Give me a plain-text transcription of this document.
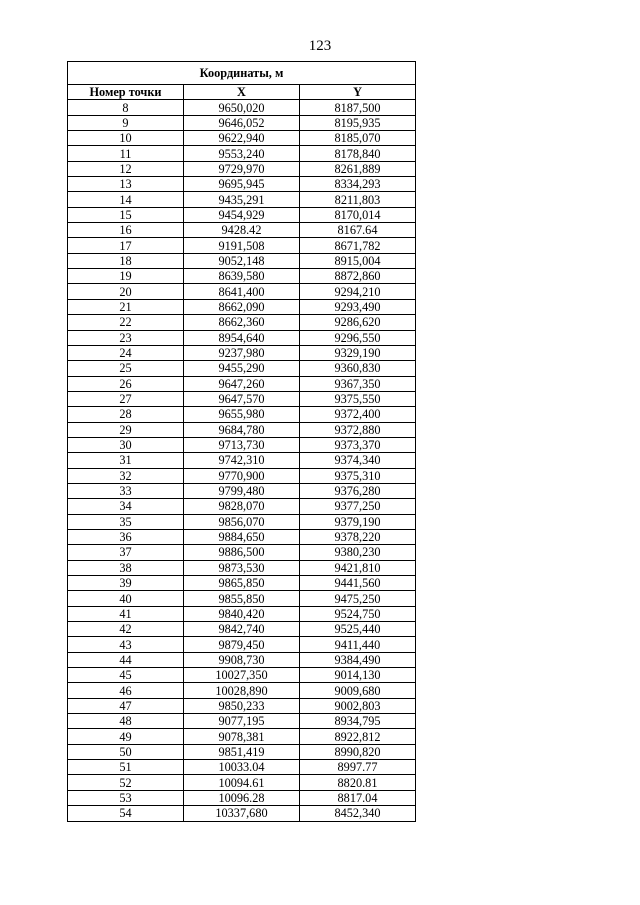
123
Координаты, м		
Номер точки	X	Y
8	9650,020	8187,500
9	9646,052	8195,935
10	9622,940	8185,070
11	9553,240	8178,840
12	9729,970	8261,889
13	9695,945	8334,293
14	9435,291	8211,803
15	9454,929	8170,014
16	9428.42	8167.64
17	9191,508	8671,782
18	9052,148	8915,004
19	8639,580	8872,860
20	8641,400	9294,210
21	8662,090	9293,490
22	8662,360	9286,620
23	8954,640	9296,550
24	9237,980	9329,190
25	9455,290	9360,830
26	9647,260	9367,350
27	9647,570	9375,550
28	9655,980	9372,400
29	9684,780	9372,880
30	9713,730	9373,370
31	9742,310	9374,340
32	9770,900	9375,310
33	9799,480	9376,280
34	9828,070	9377,250
35	9856,070	9379,190
36	9884,650	9378,220
37	9886,500	9380,230
38	9873,530	9421,810
39	9865,850	9441,560
40	9855,850	9475,250
41	9840,420	9524,750
42	9842,740	9525,440
43	9879,450	9411,440
44	9908,730	9384,490
45	10027,350	9014,130
46	10028,890	9009,680
47	9850,233	9002,803
48	9077,195	8934,795
49	9078,381	8922,812
50	9851,419	8990,820
51	10033.04	8997.77
52	10094.61	8820.81
53	10096.28	8817.04
54	10337,680	8452,340
